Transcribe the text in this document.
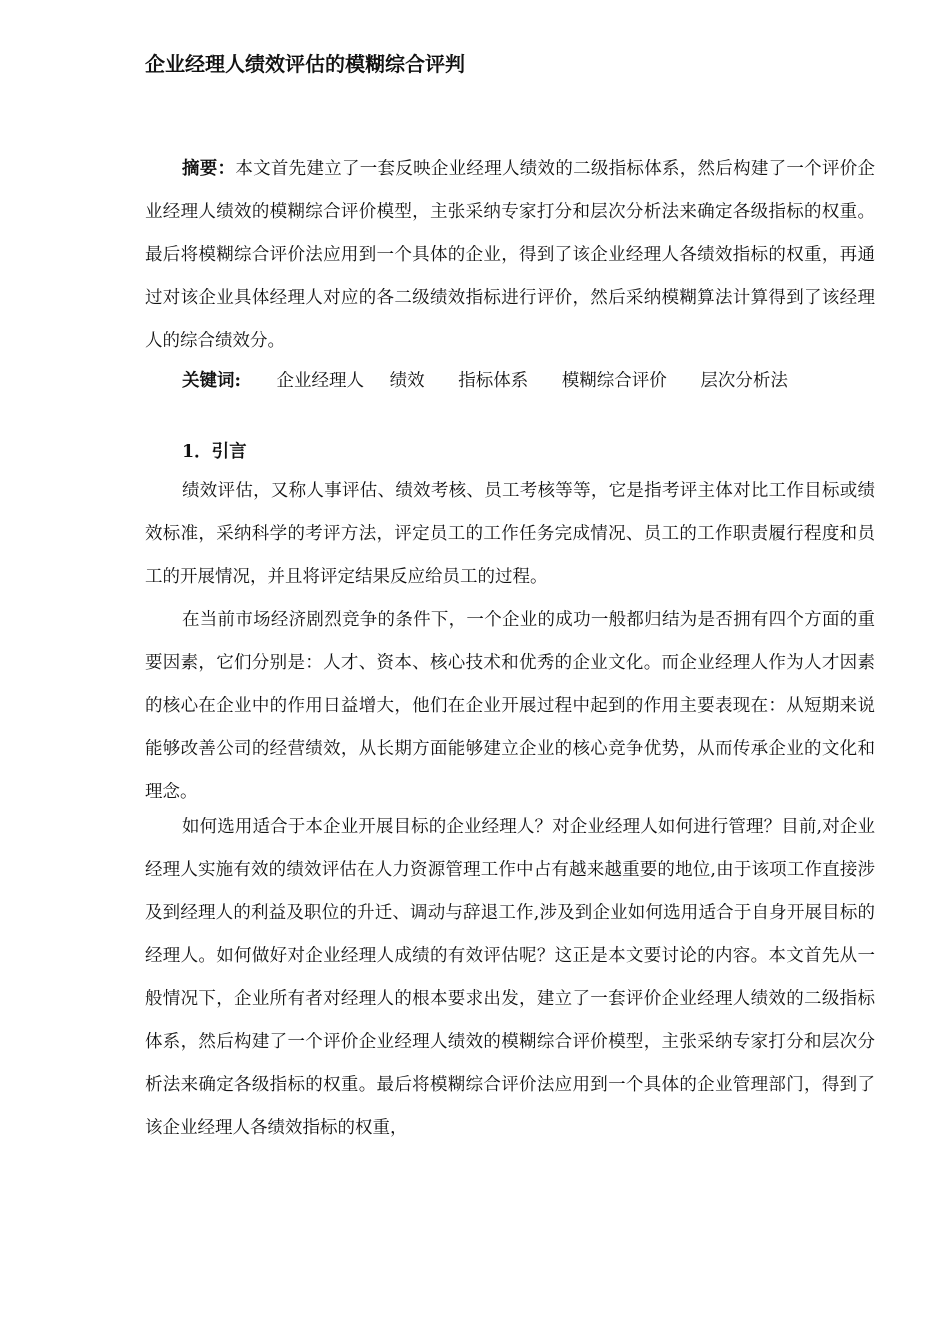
企业经理人绩效评估的模糊综合评判
摘要：本文首先建立了一套反映企业经理人绩效的二级指标体系，然后构建了一个评价企业经理人绩效的模糊综合评价模型，主张采纳专家打分和层次分析法来确定各级指标的权重。最后将模糊综合评价法应用到一个具体的企业，得到了该企业经理人各绩效指标的权重，再通过对该企业具体经理人对应的各二级绩效指标进行评价，然后采纳模糊算法计算得到了该经理人的综合绩效分。
关键词: 企业经理人 绩效 指标体系 模糊综合评价 层次分析法
1．引言

绩效评估，又称人事评估、绩效考核、员工考核等等，它是指考评主体对比工作目标或绩效标准，采纳科学的考评方法，评定员工的工作任务完成情况、员工的工作职责履行程度和员工的开展情况，并且将评定结果反应给员工的过程。

在当前市场经济剧烈竞争的条件下，一个企业的成功一般都归结为是否拥有四个方面的重要因素，它们分别是：人才、资本、核心技术和优秀的企业文化。而企业经理人作为人才因素的核心在企业中的作用日益增大，他们在企业开展过程中起到的作用主要表现在：从短期来说能够改善公司的经营绩效，从长期方面能够建立企业的核心竞争优势，从而传承企业的文化和理念。

如何选用适合于本企业开展目标的企业经理人？对企业经理人如何进行管理？目前,对企业经理人实施有效的绩效评估在人力资源管理工作中占有越来越重要的地位,由于该项工作直接涉及到经理人的利益及职位的升迁、调动与辞退工作,涉及到企业如何选用适合于自身开展目标的经理人。如何做好对企业经理人成绩的有效评估呢？这正是本文要讨论的内容。本文首先从一般情况下，企业所有者对经理人的根本要求出发，建立了一套评价企业经理人绩效的二级指标体系，然后构建了一个评价企业经理人绩效的模糊综合评价模型，主张采纳专家打分和层次分析法来确定各级指标的权重。最后将模糊综合评价法应用到一个具体的企业管理部门，得到了该企业经理人各绩效指标的权重，
